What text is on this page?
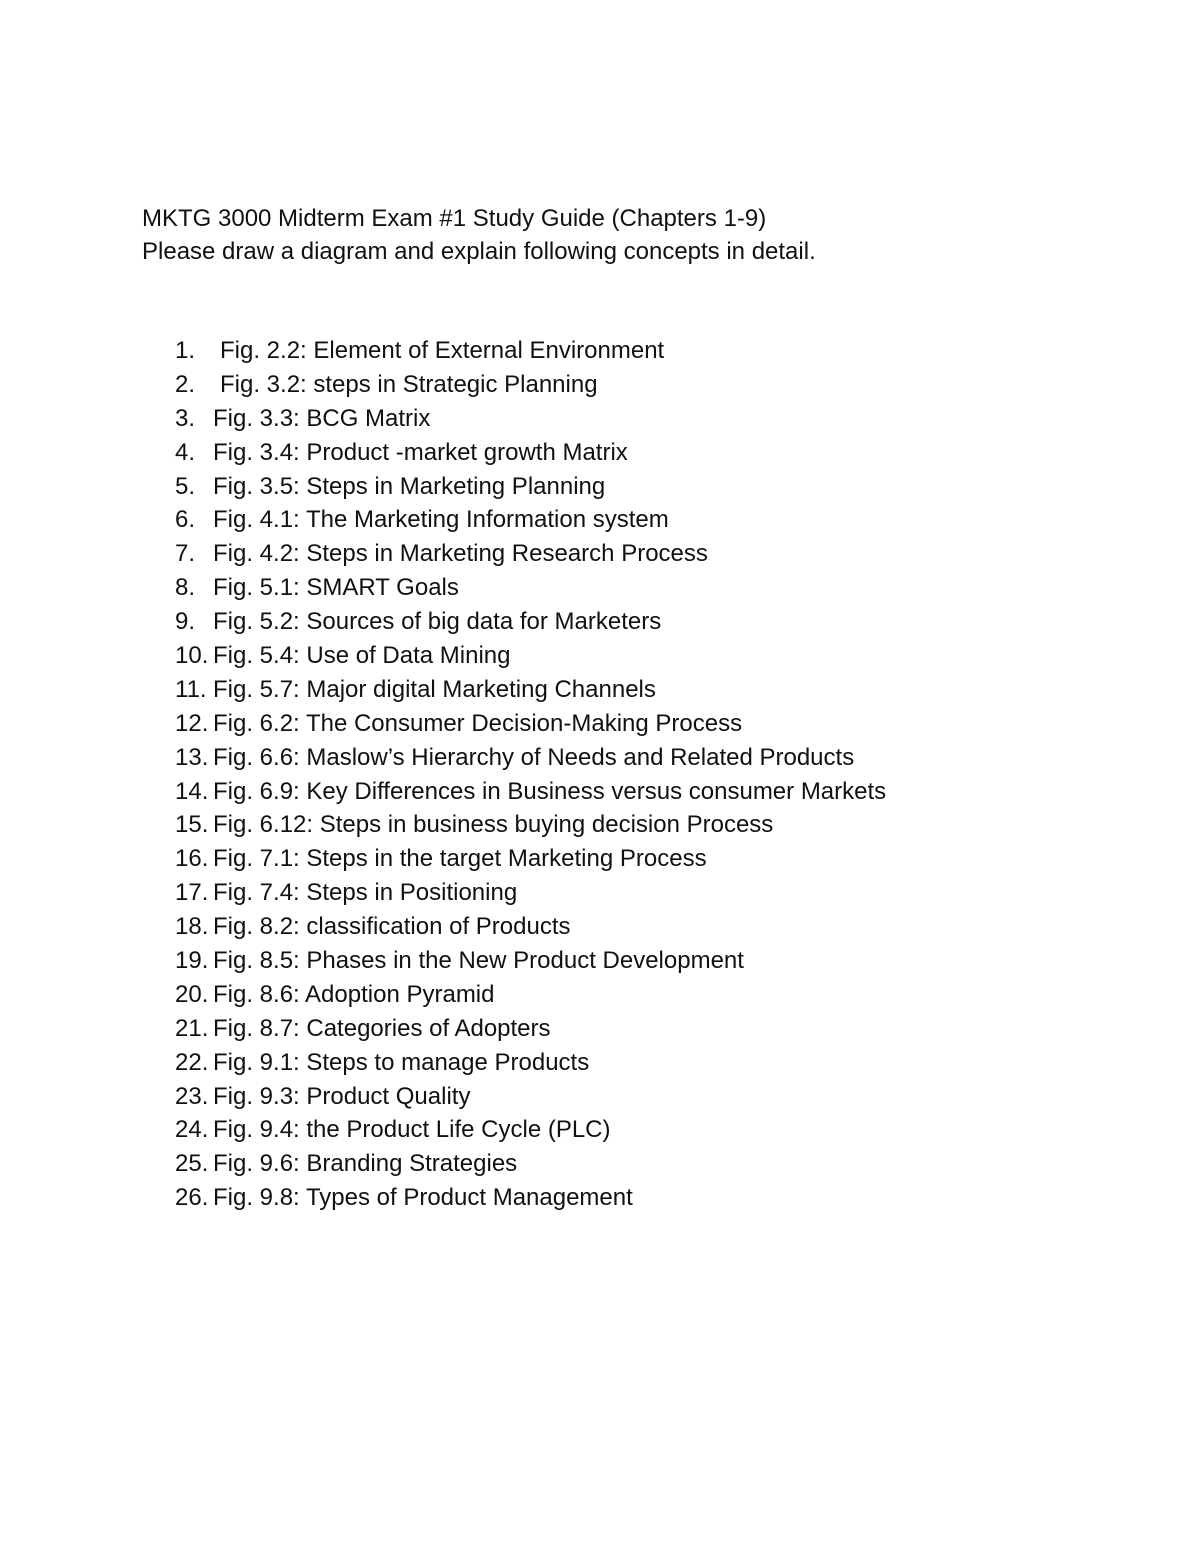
MKTG 3000 Midterm Exam #1 Study Guide (Chapters 1-9)
Please draw a diagram and explain following concepts in detail.
1.	Fig. 2.2: Element of External Environment
2.	Fig. 3.2: steps in Strategic Planning
3. Fig. 3.3: BCG Matrix
4. Fig. 3.4: Product -market growth Matrix
5. Fig. 3.5: Steps in Marketing Planning
6. Fig. 4.1: The Marketing Information system
7. Fig. 4.2: Steps in Marketing Research Process
8. Fig. 5.1: SMART Goals
9. Fig. 5.2: Sources of big data for Marketers
10. Fig. 5.4: Use of Data Mining
11. Fig. 5.7: Major digital Marketing Channels
12. Fig. 6.2: The Consumer Decision-Making Process
13. Fig. 6.6: Maslow’s Hierarchy of Needs and Related Products
14. Fig. 6.9: Key Differences in Business versus consumer Markets
15. Fig. 6.12: Steps in business buying decision Process
16. Fig. 7.1: Steps in the target Marketing Process
17. Fig. 7.4: Steps in Positioning
18. Fig. 8.2: classification of Products
19. Fig. 8.5: Phases in the New Product Development
20. Fig. 8.6: Adoption Pyramid
21. Fig. 8.7: Categories of Adopters
22. Fig. 9.1: Steps to manage Products
23. Fig. 9.3: Product Quality
24. Fig. 9.4: the Product Life Cycle (PLC)
25. Fig. 9.6: Branding Strategies
26. Fig. 9.8: Types of Product Management
